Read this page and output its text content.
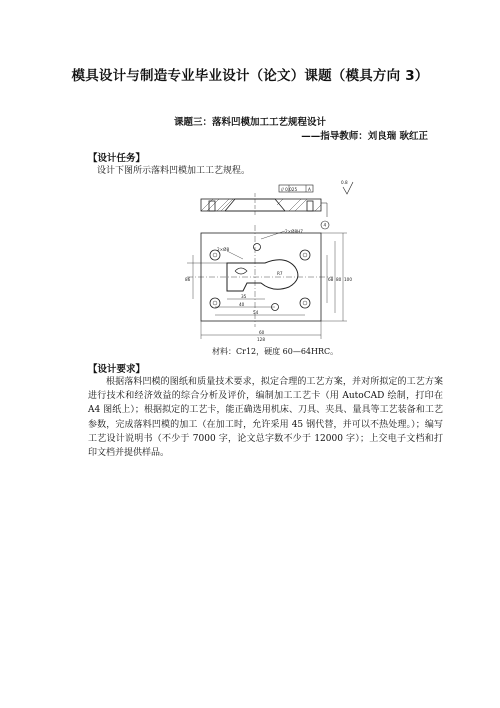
模具设计与制造专业毕业设计（论文）课题（模具方向 3）
课题三：落料凹模加工工艺规程设计
——指导教师：刘良瑞 耿红正
【设计任务】
设计下图所示落料凹模加工工艺规程。
// 0.025	A
0.8
4
2×Ø8H7
2×Ø8
R7
35
40
54
60
128
68 80 100
86
材料：Cr12，硬度 60—64HRC。
【设计要求】
根据落料凹模的图纸和质量技术要求，拟定合理的工艺方案，并对所拟定的工艺方案进行技术和经济效益的综合分析及评价，编制加工工艺卡（用 AutoCAD 绘制，打印在 A4 图纸上）；根据拟定的工艺卡，能正确选用机床、刀具、夹具、量具等工艺装备和工艺参数，完成落料凹模的加工（在加工时，允许采用 45 钢代替，并可以不热处理。）；编写工艺设计说明书（不少于 7000 字，论文总字数不少于 12000 字）；上交电子文档和打印文档并提供样品。
